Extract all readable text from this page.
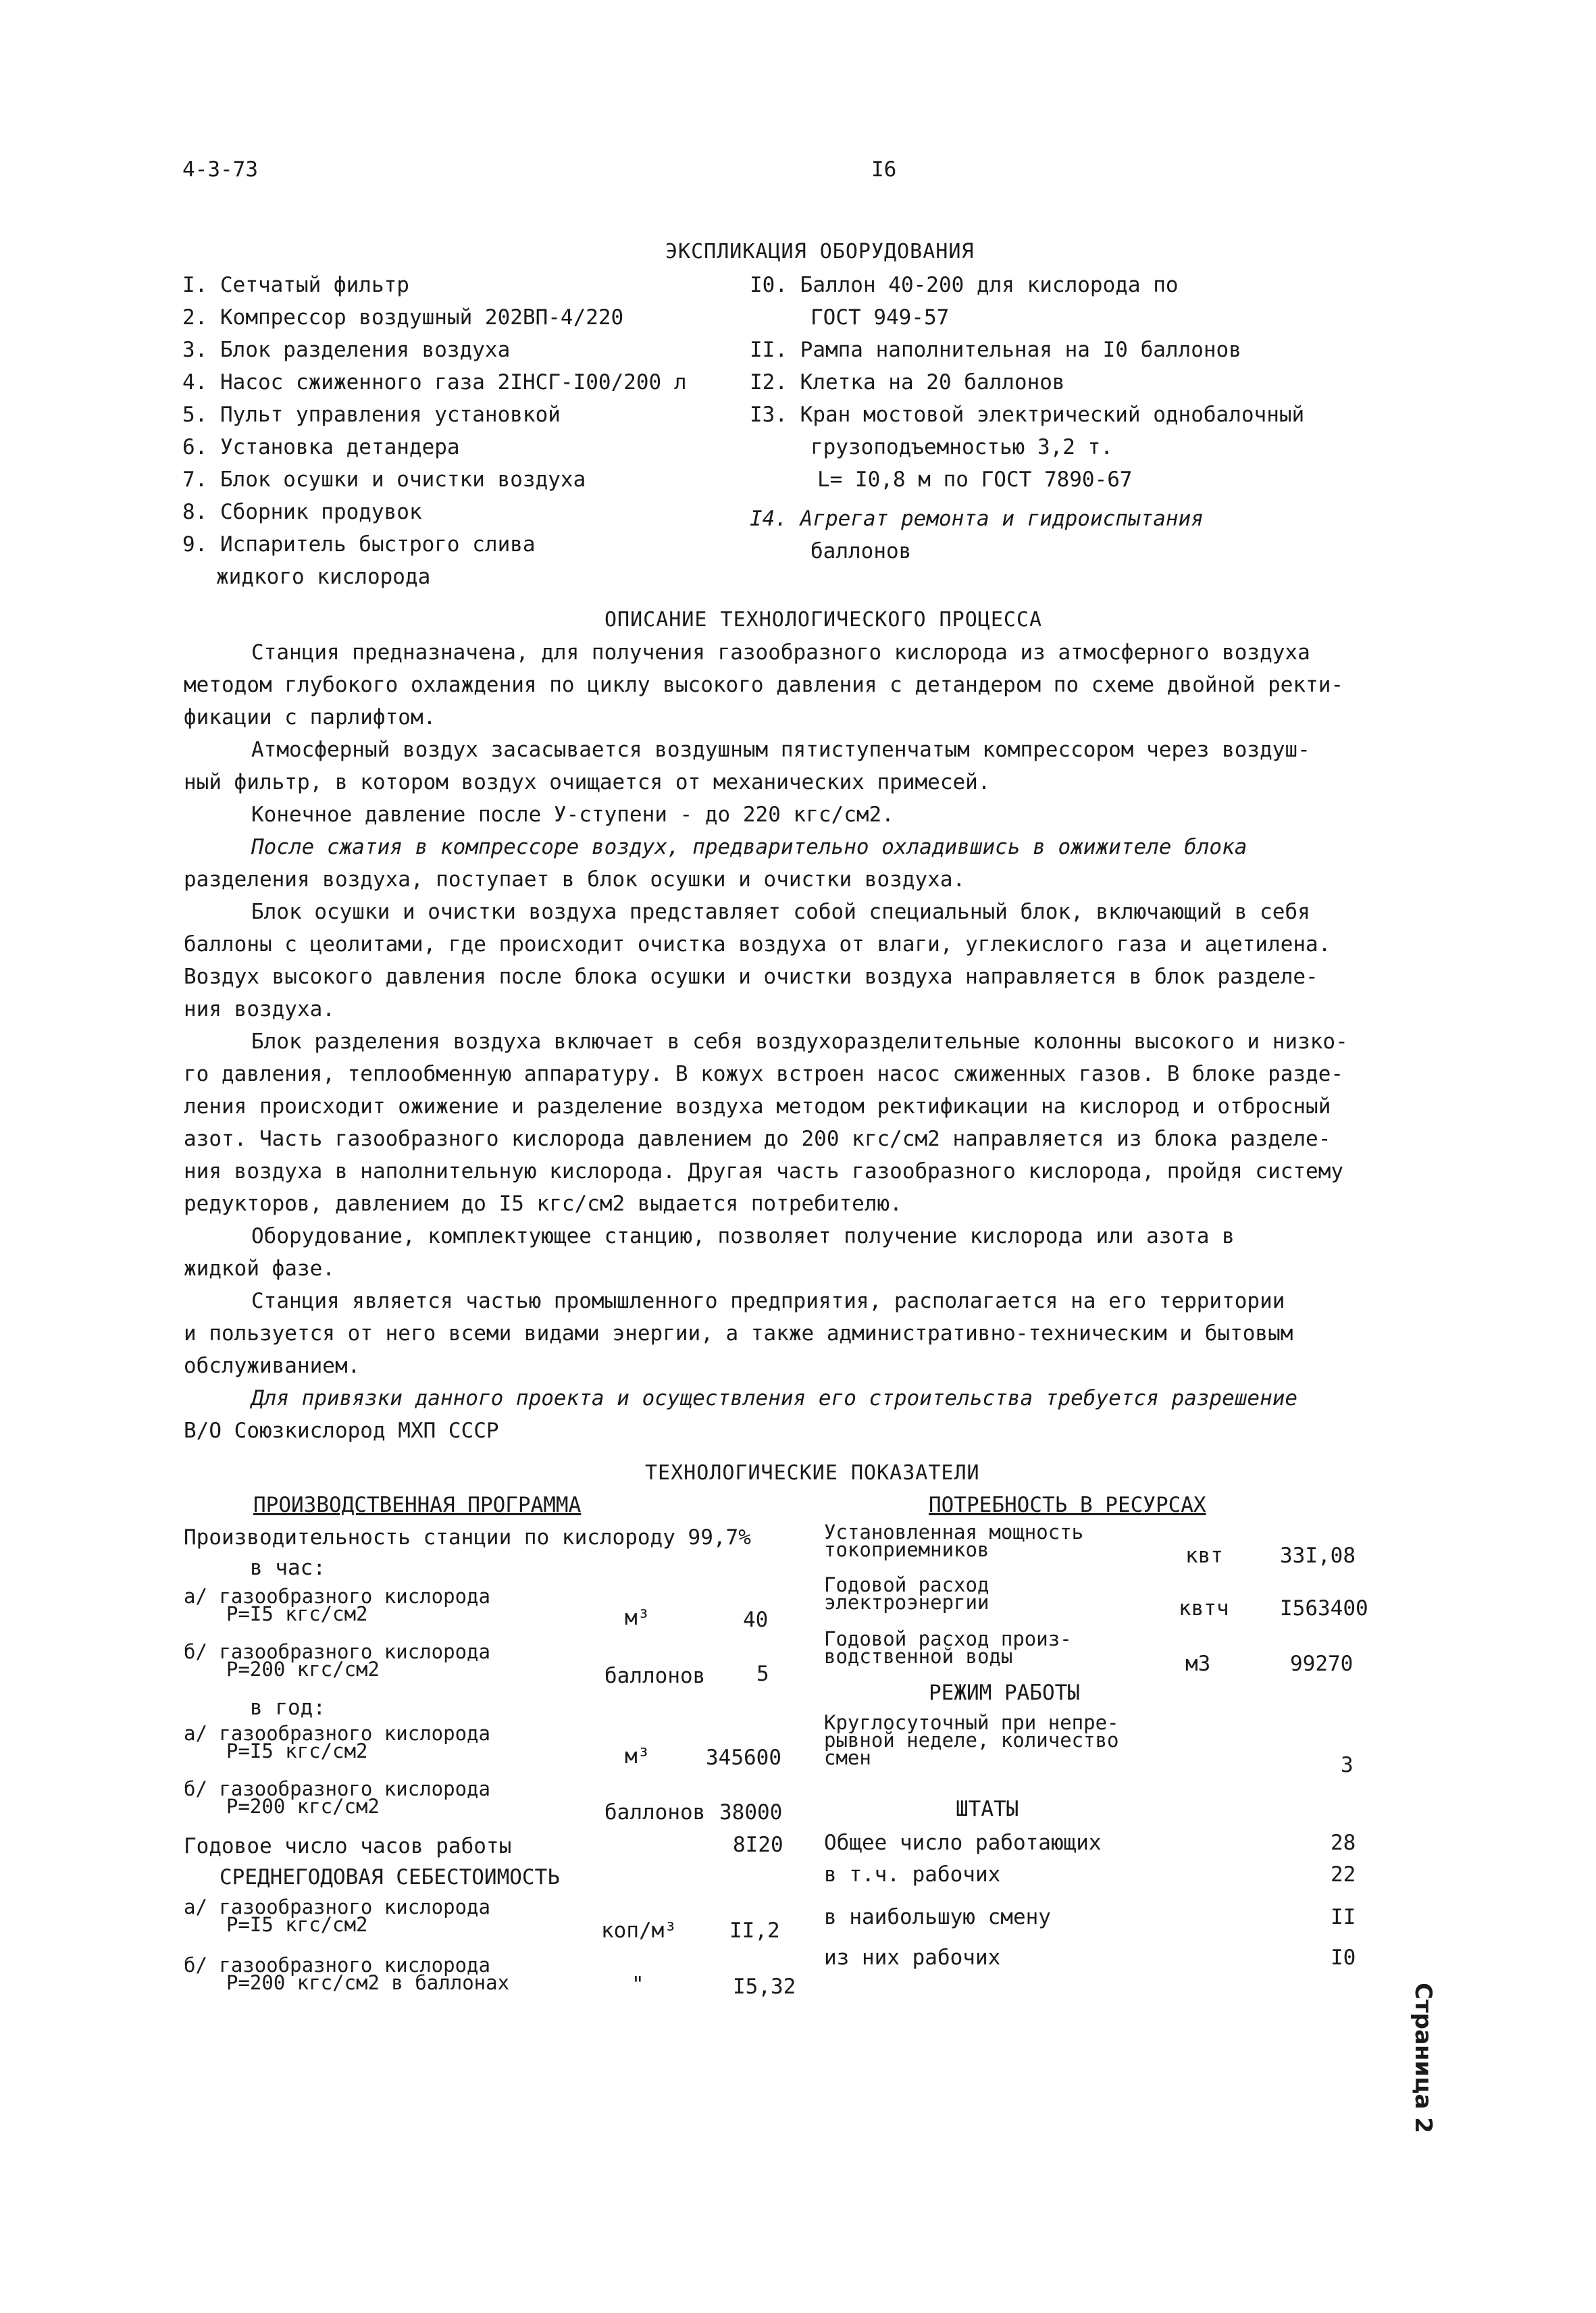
4-3-73	I6
ЭКСПЛИКАЦИЯ ОБОРУДОВАНИЯ
I. Сетчатый фильтр
2. Компрессор воздушный 202ВП-4/220
3. Блок разделения воздуха
4. Насос сжиженного газа 2IНСГ-I00/200 л
5. Пульт управления установкой
6. Установка детандера
7. Блок осушки и очистки воздуха
8. Сборник продувок
9. Испаритель быстрого слива
жидкого кислорода
I0. Баллон 40-200 для кислорода по
ГОСТ 949-57
II. Рампа наполнительная на I0 баллонов
I2. Клетка на 20 баллонов
I3. Кран мостовой электрический однобалочный
грузоподъемностью 3,2 т.
L= I0,8 м по ГОСТ 7890-67
I4. Агрегат ремонта и гидроиспытания
баллонов
ОПИСАНИЕ ТЕХНОЛОГИЧЕСКОГО ПРОЦЕССА
Станция предназначена, для получения газообразного кислорода из атмосферного воздуха
методом глубокого охлаждения по циклу высокого давления с детандером по схеме двойной ректи-
фикации с парлифтом.
Атмосферный воздух засасывается воздушным пятиступенчатым компрессором через воздуш-
ный фильтр, в котором воздух очищается от механических примесей.
Конечное давление после У-ступени - до 220 кгс/см2.
После сжатия в компрессоре воздух, предварительно охладившись в ожижителе блока
разделения воздуха, поступает в блок осушки и очистки воздуха.
Блок осушки и очистки воздуха представляет собой специальный блок, включающий в себя
баллоны с цеолитами, где происходит очистка воздуха от влаги, углекислого газа и ацетилена.
Воздух высокого давления после блока осушки и очистки воздуха направляется в блок разделе-
ния воздуха.
Блок разделения воздуха включает в себя воздухоразделительные колонны высокого и низко-
го давления, теплообменную аппаратуру. В кожух встроен насос сжиженных газов. В блоке разде-
ления происходит ожижение и разделение воздуха методом ректификации на кислород и отбросный
азот. Часть газообразного кислорода давлением до 200 кгс/см2 направляется из блока разделе-
ния воздуха в наполнительную кислорода. Другая часть газообразного кислорода, пройдя систему
редукторов, давлением до I5 кгс/см2 выдается потребителю.
Оборудование, комплектующее станцию, позволяет получение кислорода или азота в
жидкой фазе.
Станция является частью промышленного предприятия, располагается на его территории
и пользуется от него всеми видами энергии, а также административно-техническим и бытовым
обслуживанием.
Для привязки данного проекта и осуществления его строительства требуется разрешение
В/О Союзкислород МХП СССР
ТЕХНОЛОГИЧЕСКИЕ ПОКАЗАТЕЛИ
ПРОИЗВОДСТВЕННАЯ ПРОГРАММА
Производительность станции по кислороду 99,7%
в час:
а/ газообразного кислорода
Р=I5 кгс/см2	м³	40
б/ газообразного кислорода
Р=200 кгс/см2	баллонов 5
в год:
а/ газообразного кислорода
Р=I5 кгс/см2	м³	345600
б/ газообразного кислорода
Р=200 кгс/см2	баллонов 38000
Годовое число часов работы	8I20
СРЕДНЕГОДОВАЯ СЕБЕСТОИМОСТЬ
а/ газообразного кислорода
Р=I5 кгс/см2	коп/м³	II,2
б/ газообразного кислорода
Р=200 кгс/см2 в баллонах	"	I5,32
ПОТРЕБНОСТЬ В РЕСУРСАХ
Установленная мощность
токоприемников	квт	33I,08
Годовой расход
электроэнергии	квтч I563400
Годовой расход произ-
водственной воды	м3	99270
РЕЖИМ РАБОТЫ
Круглосуточный при непре-
рывной неделе, количество
смен	3
ШТАТЫ
Общее число работающих	28
в т.ч. рабочих	22
в наибольшую смену	II
из них рабочих	I0
Страница 2
